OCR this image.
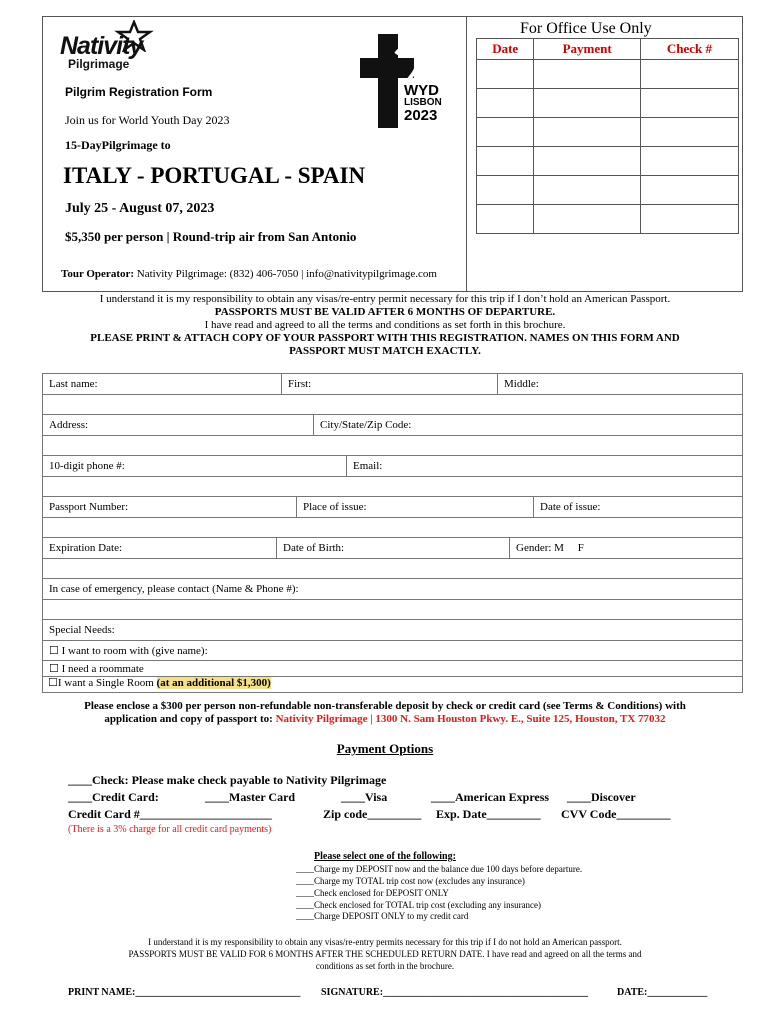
Nativity
Pilgrimage
WYD
LISBON
2023
Pilgrim Registration Form
Join us for World Youth Day 2023
15-DayPilgrimage to
ITALY - PORTUGAL - SPAIN
July 25 - August 07, 2023
$5,350 per person | Round-trip air from San Antonio
Tour Operator: Nativity Pilgrimage: (832) 406-7050 | info@nativitypilgrimage.com
For Office Use Only
Date	Payment	Check #

I understand it is my responsibility to obtain any visas/re-entry permit necessary for this trip if I don’t hold an American Passport.
PASSPORTS MUST BE VALID AFTER 6 MONTHS OF DEPARTURE.
I have read and agreed to all the terms and conditions as set forth in this brochure.
PLEASE PRINT & ATTACH COPY OF YOUR PASSPORT WITH THIS REGISTRATION. NAMES ON THIS FORM AND
PASSPORT MUST MATCH EXACTLY.
Last name:	First:	Middle:

Address:	City/State/Zip Code:

10-digit phone #:	Email:

Passport Number:	Place of issue:	Date of issue:

Expiration Date:	Date of Birth:	Gender: M     F

In case of emergency, please contact (Name & Phone #):

Special Needs:
☐ I want to room with (give name):
☐ I need a roommate
☐I want a Single Room (at an additional $1,300)
Please enclose a $300 per person non-refundable non-transferable deposit by check or credit card (see Terms & Conditions) with
application and copy of passport to: Nativity Pilgrimage | 1300 N. Sam Houston Pkwy. E., Suite 125, Houston, TX 77032
Payment Options
____Check: Please make check payable to Nativity Pilgrimage
____Credit Card:	____Master Card	____Visa	____American Express ____Discover
Credit Card #______________________	Zip code_________ Exp. Date_________ CVV Code_________
(There is a 3% charge for all credit card payments)
Please select one of the following:
____Charge my DEPOSIT now and the balance due 100 days before departure.
____Charge my TOTAL trip cost now (excludes any insurance)
____Check enclosed for DEPOSIT ONLY
____Check enclosed for TOTAL trip cost (excluding any insurance)
____Charge DEPOSIT ONLY to my credit card
I understand it is my responsibility to obtain any visas/re-entry permits necessary for this trip if I do not hold an American passport.
PASSPORTS MUST BE VALID FOR 6 MONTHS AFTER THE SCHEDULED RETURN DATE. I have read and agreed on all the terms and
conditions as set forth in the brochure.
PRINT NAME:_________________________________ SIGNATURE:_________________________________________	DATE:____________
